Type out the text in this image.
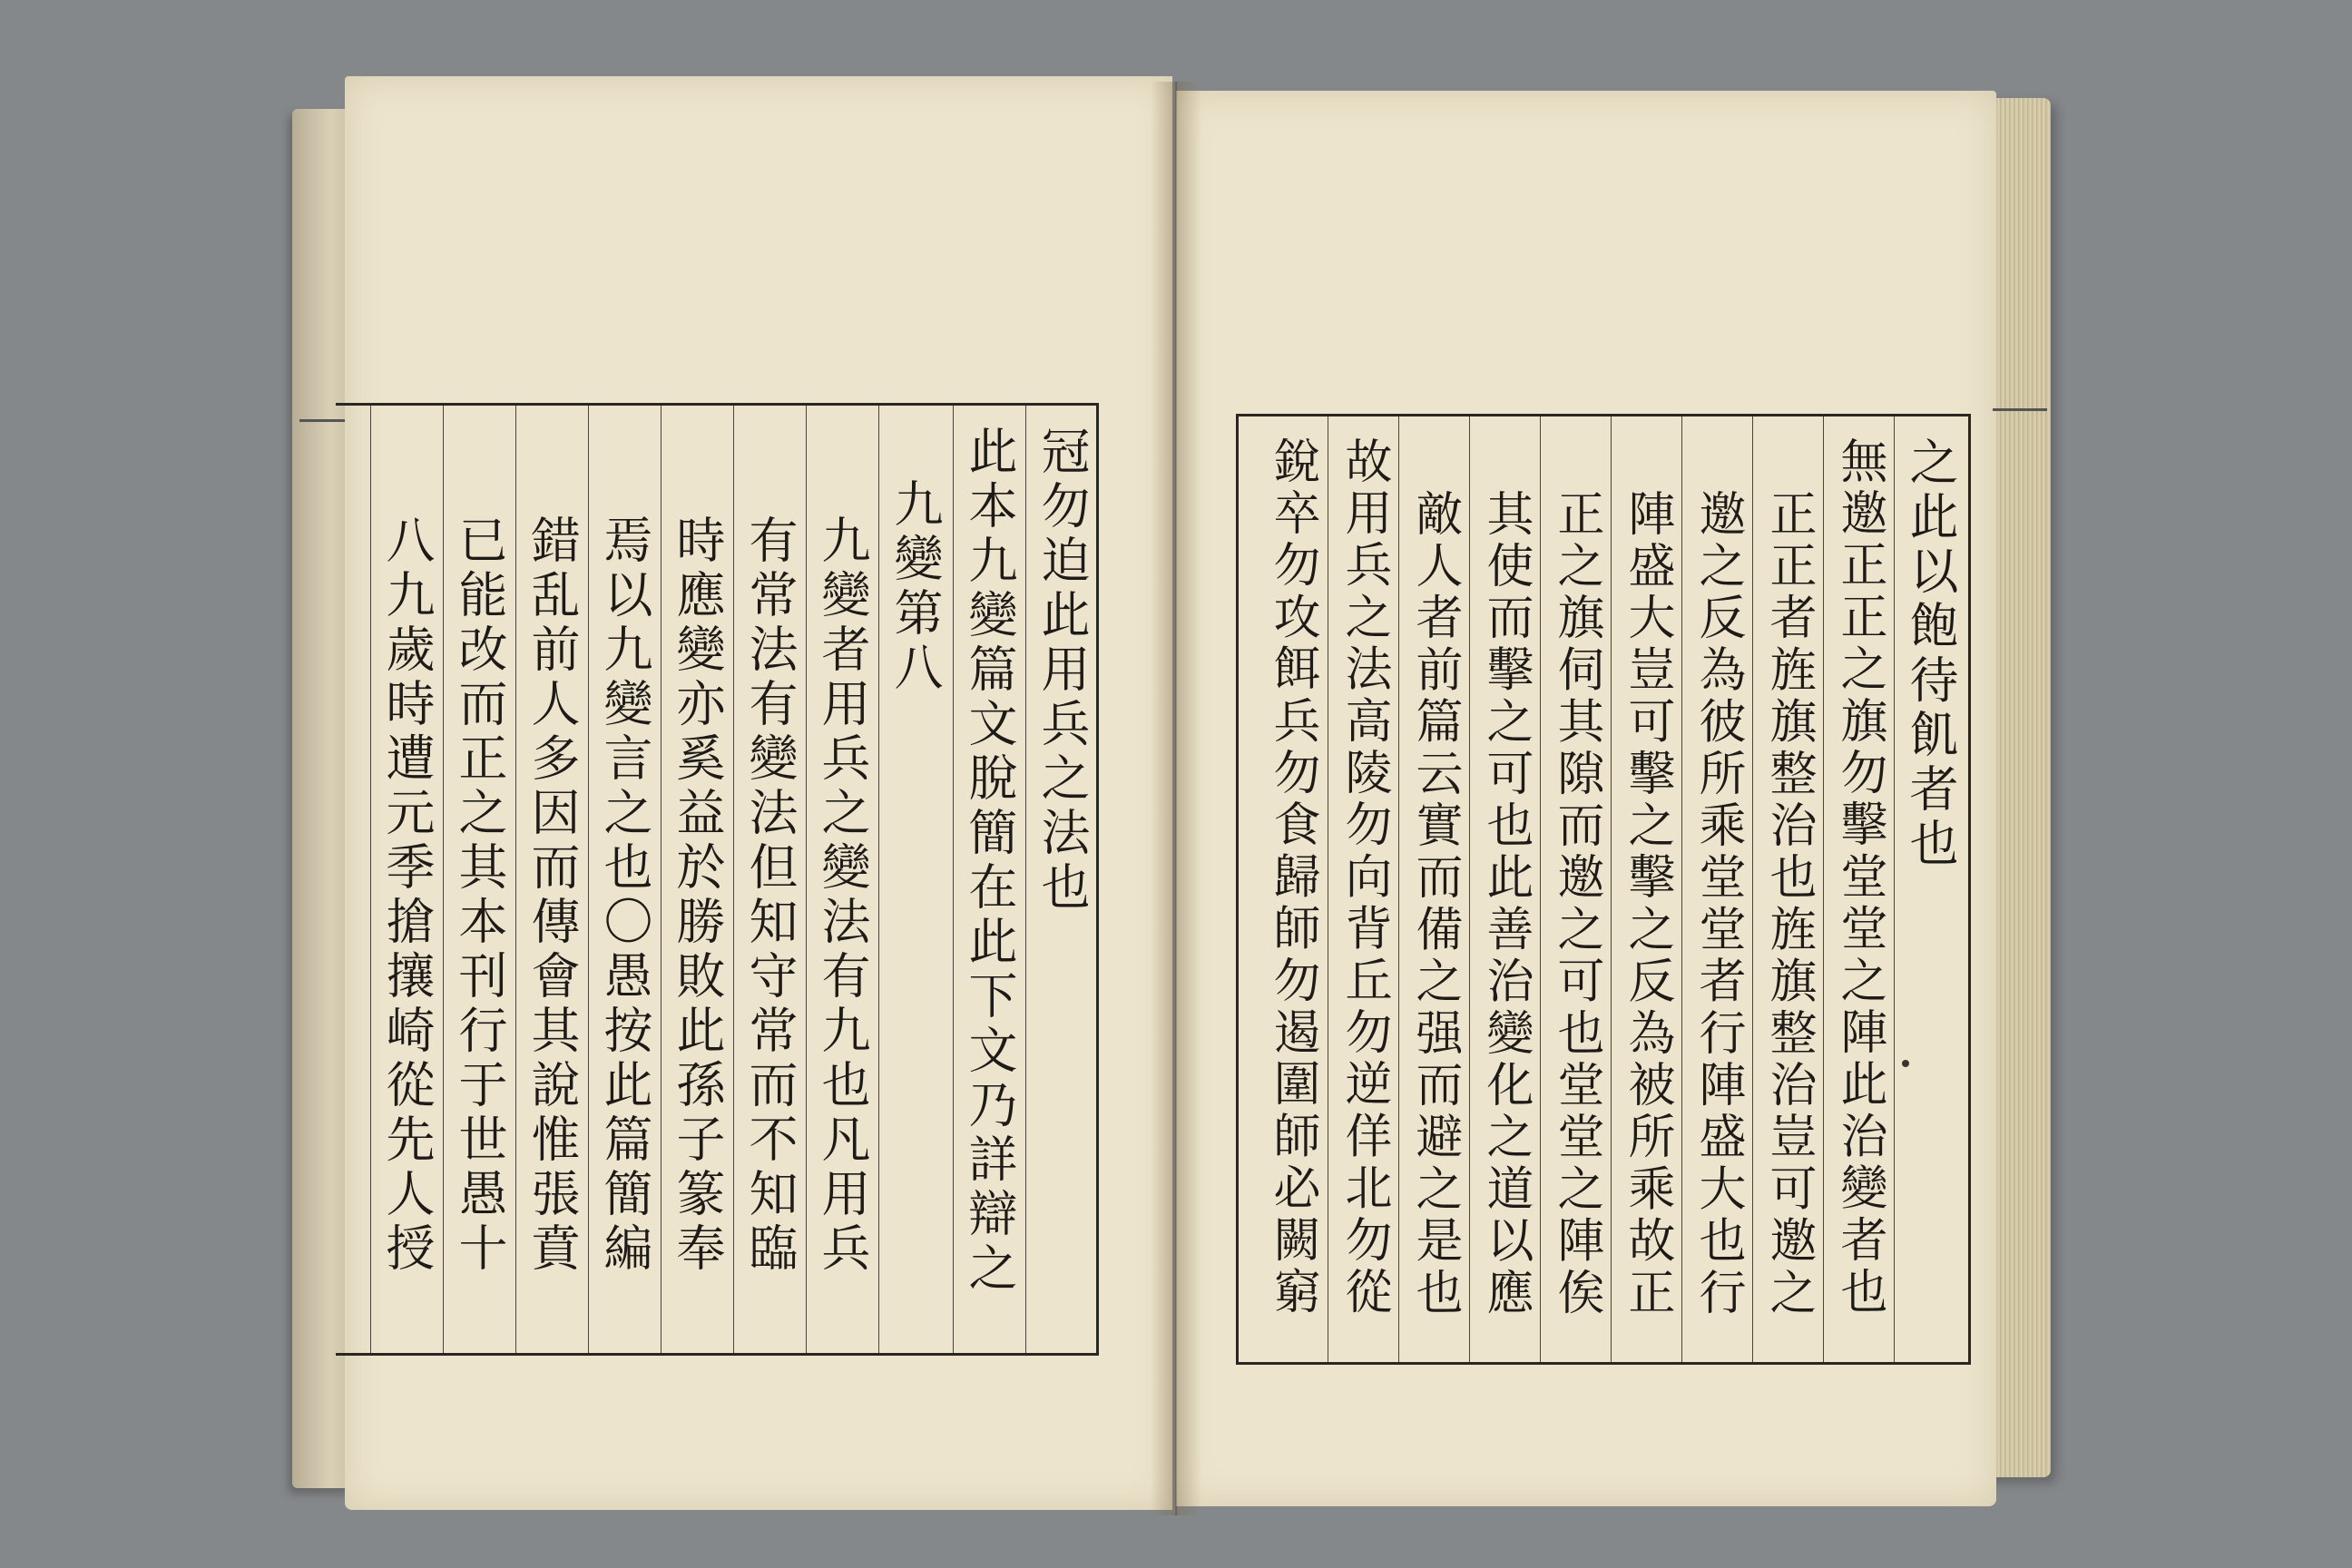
冠勿迫此用兵之法也
此本九變篇文脫簡在此下文乃詳辯之
九變第八
九變者用兵之變法有九也凡用兵
有常法有變法但知守常而不知臨
時應變亦奚益於勝敗此孫子篆奉
焉以九變言之也〇愚按此篇簡編
錯乱前人多因而傳會其說惟張賁
已能改而正之其本刊行于世愚十
八九歲時遭元季搶攘崎從先人授	之此以飽待飢者也
無邀正正之旗勿擊堂堂之陣此治變者也
正正者旌旗整治也旌旗整治豈可邀之
邀之反為彼所乘堂堂者行陣盛大也行
陣盛大豈可擊之擊之反為被所乘故正
正之旗伺其隙而邀之可也堂堂之陣俟
其使而擊之可也此善治變化之道以應
敵人者前篇云實而備之强而避之是也
故用兵之法高陵勿向背丘勿逆佯北勿從
銳卒勿攻餌兵勿食歸師勿遏圍師必闕窮
